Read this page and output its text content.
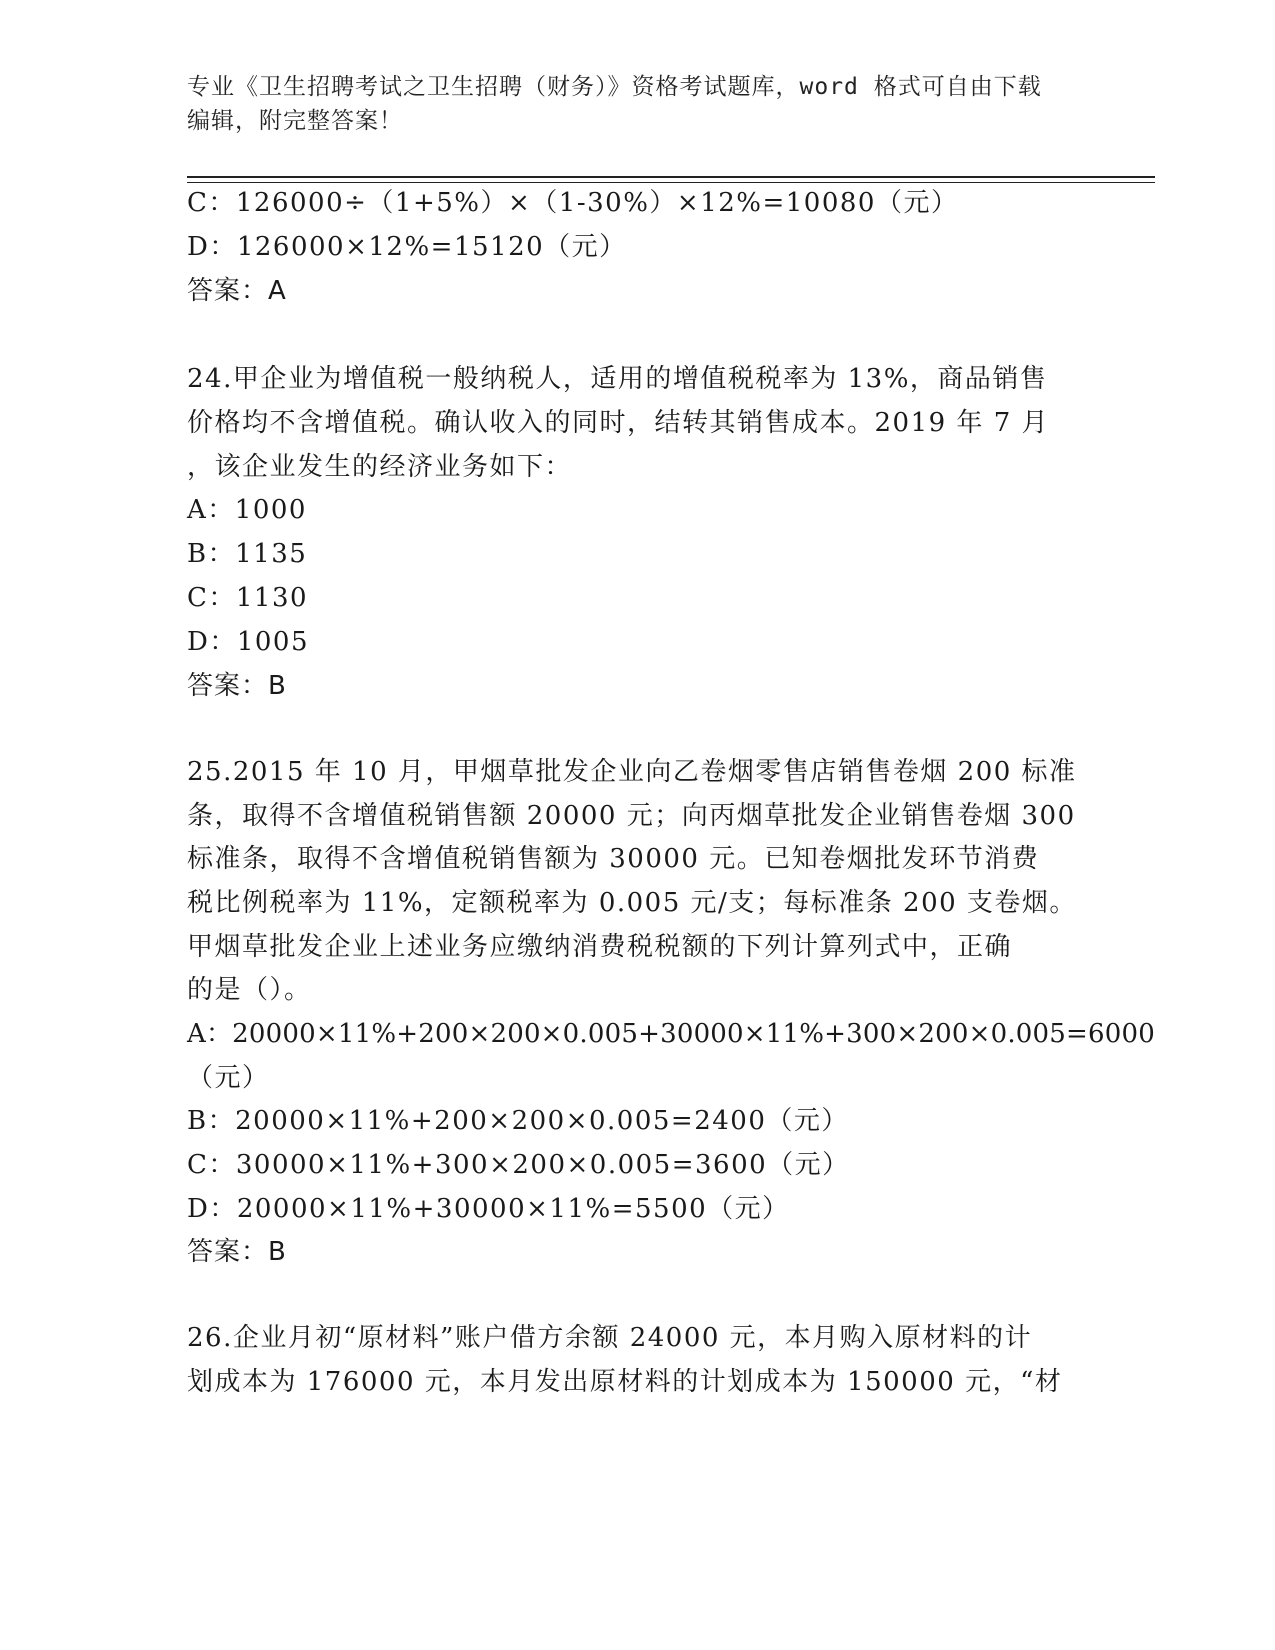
专业《卫生招聘考试之卫生招聘（财务）》资格考试题库，word 格式可自由下载
编辑，附完整答案！
C：126000÷（1+5%）×（1-30%）×12%=10080（元）
D：126000×12%=15120（元）
答案：A
24.甲企业为增值税一般纳税人，适用的增值税税率为 13%，商品销售
价格均不含增值税。确认收入的同时，结转其销售成本。2019 年 7 月
，该企业发生的经济业务如下：
A：1000
B：1135
C：1130
D：1005
答案：B
25.2015 年 10 月，甲烟草批发企业向乙卷烟零售店销售卷烟 200 标准
条，取得不含增值税销售额 20000 元；向丙烟草批发企业销售卷烟 300
标准条，取得不含增值税销售额为 30000 元。已知卷烟批发环节消费
税比例税率为 11%，定额税率为 0.005 元/支；每标准条 200 支卷烟。
甲烟草批发企业上述业务应缴纳消费税税额的下列计算列式中，正确
的是（）。
A：20000×11%+200×200×0.005+30000×11%+300×200×0.005=6000
（元）
B：20000×11%+200×200×0.005=2400（元）
C：30000×11%+300×200×0.005=3600（元）
D：20000×11%+30000×11%=5500（元）
答案：B
26.企业月初“原材料”账户借方余额 24000 元，本月购入原材料的计
划成本为 176000 元，本月发出原材料的计划成本为 150000 元，“材
